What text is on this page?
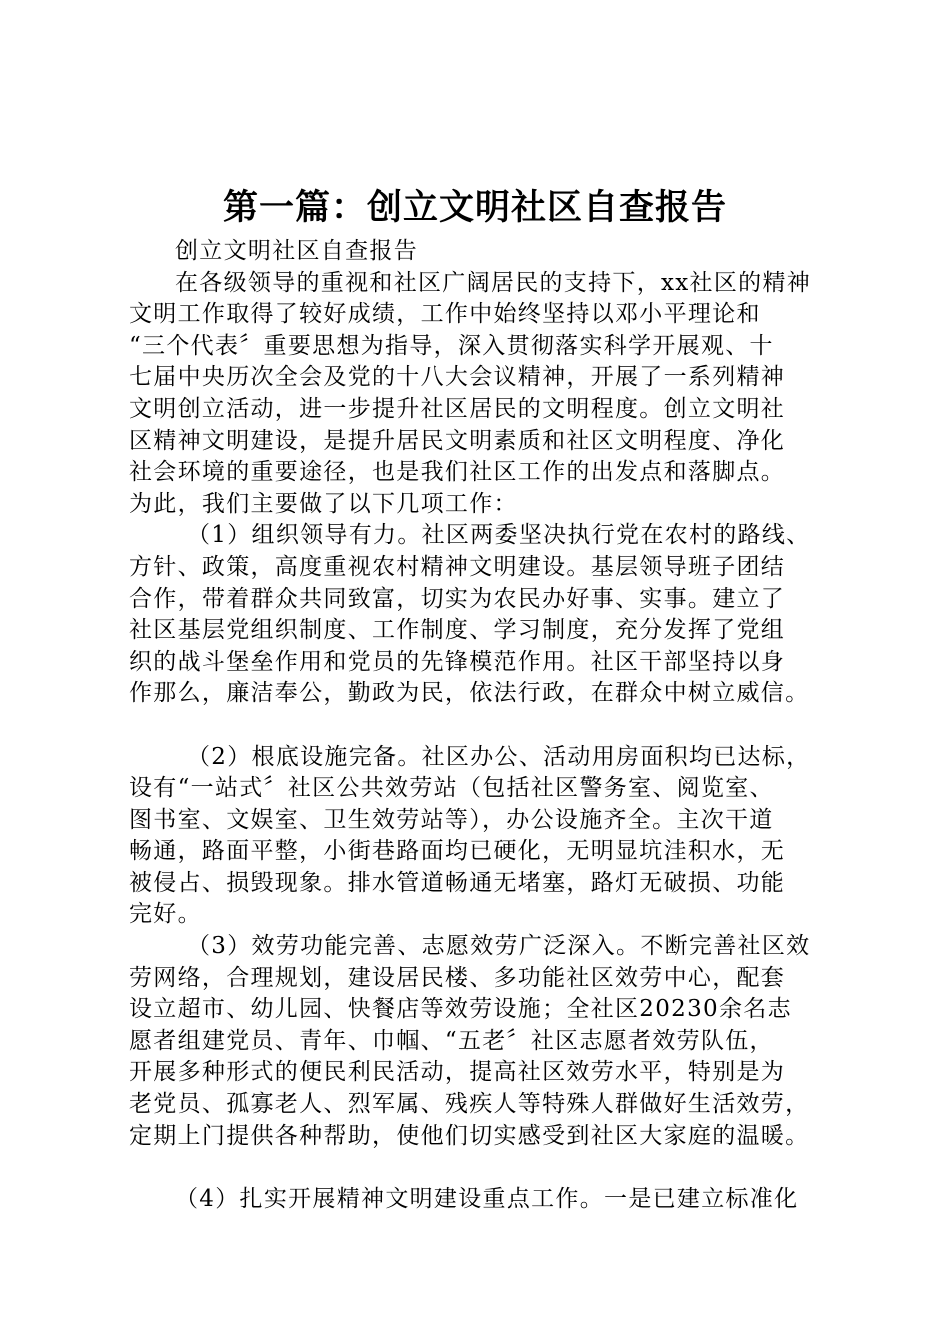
第一篇：创立文明社区自查报告
创立文明社区自查报告
在各级领导的重视和社区广阔居民的支持下，xx社区的精神
文明工作取得了较好成绩，工作中始终坚持以邓小平理论和
“三个代表〞重要思想为指导，深入贯彻落实科学开展观、十
七届中央历次全会及党的十八大会议精神，开展了一系列精神
文明创立活动，进一步提升社区居民的文明程度。创立文明社
区精神文明建设，是提升居民文明素质和社区文明程度、净化
社会环境的重要途径，也是我们社区工作的出发点和落脚点。
为此，我们主要做了以下几项工作：
（1）组织领导有力。社区两委坚决执行党在农村的路线、
方针、政策，高度重视农村精神文明建设。基层领导班子团结
合作，带着群众共同致富，切实为农民办好事、实事。建立了
社区基层党组织制度、工作制度、学习制度，充分发挥了党组
织的战斗堡垒作用和党员的先锋模范作用。社区干部坚持以身
作那么，廉洁奉公，勤政为民，依法行政，在群众中树立威信。
（2）根底设施完备。社区办公、活动用房面积均已达标，
设有“一站式〞社区公共效劳站（包括社区警务室、阅览室、
图书室、文娱室、卫生效劳站等），办公设施齐全。主次干道
畅通，路面平整，小街巷路面均已硬化，无明显坑洼积水，无
被侵占、损毁现象。排水管道畅通无堵塞，路灯无破损、功能
完好。
（3）效劳功能完善、志愿效劳广泛深入。不断完善社区效
劳网络，合理规划，建设居民楼、多功能社区效劳中心，配套
设立超市、幼儿园、快餐店等效劳设施；全社区20230余名志
愿者组建党员、青年、巾帼、“五老〞社区志愿者效劳队伍，
开展多种形式的便民利民活动，提高社区效劳水平，特别是为
老党员、孤寡老人、烈军属、残疾人等特殊人群做好生活效劳，
定期上门提供各种帮助，使他们切实感受到社区大家庭的温暖。
（4）扎实开展精神文明建设重点工作。一是已建立标准化
